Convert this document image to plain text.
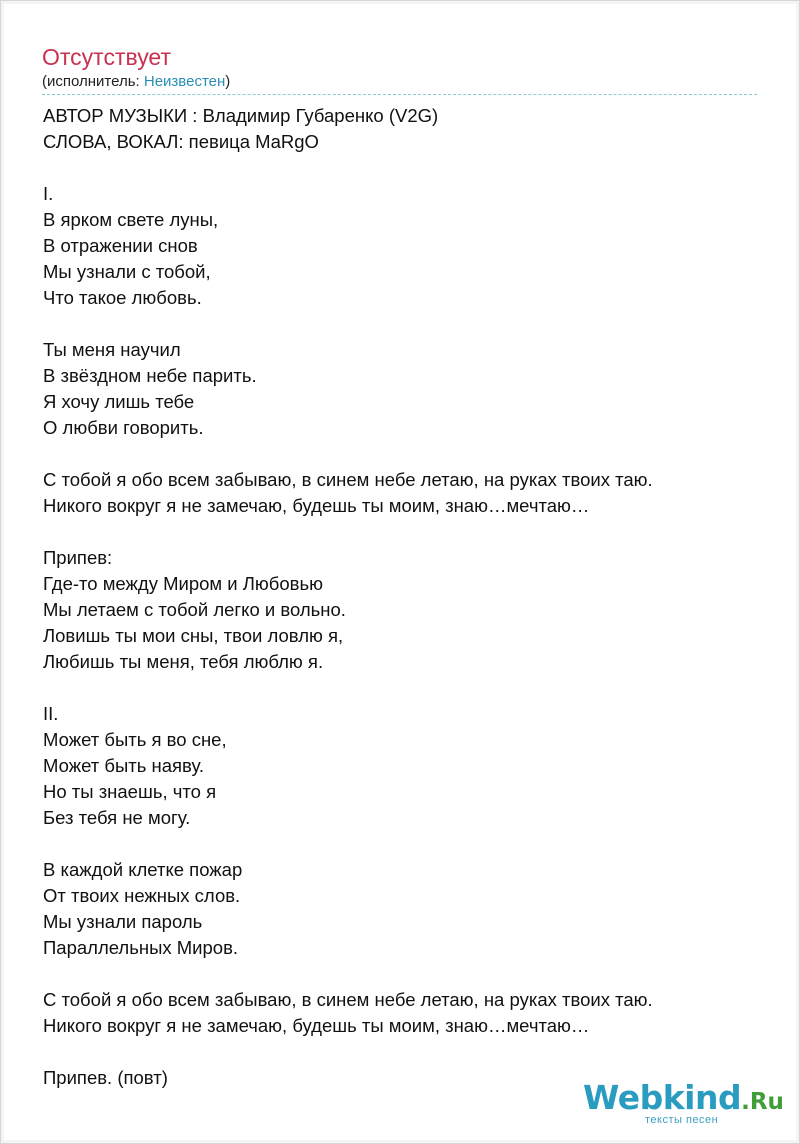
Отсутствует
(исполнитель: Неизвестен)
АВТОР МУЗЫКИ : Владимир Губаренко (V2G)
СЛОВА, ВОКАЛ: певица MaRgO
I.
В ярком свете луны,
В отражении снов
Мы узнали с тобой,
Что такое любовь.
Ты меня научил
В звёздном небе парить.
Я хочу лишь тебе
О любви говорить.
С тобой я обо всем забываю, в синем небе летаю, на руках твоих таю.
Никого вокруг я не замечаю, будешь ты моим, знаю…мечтаю…
Припев:
Где-то между Миром и Любовью
Мы летаем с тобой легко и вольно.
Ловишь ты мои сны, твои ловлю я,
Любишь ты меня, тебя люблю я.
II.
Может быть я во сне,
Может быть наяву.
Но ты знаешь, что я
Без тебя не могу.
В каждой клетке пожар
От твоих нежных слов.
Мы узнали пароль
Параллельных Миров.
С тобой я обо всем забываю, в синем небе летаю, на руках твоих таю.
Никого вокруг я не замечаю, будешь ты моим, знаю…мечтаю…
Припев. (повт)
Webkind.Ru
тексты песен
